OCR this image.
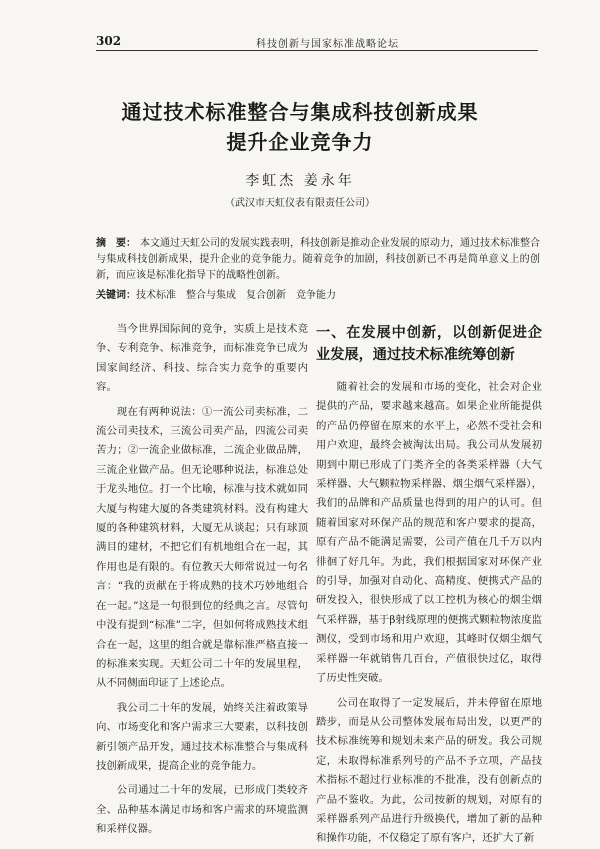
302	科技创新与国家标准战略论坛
通过技术标准整合与集成科技创新成果
提升企业竞争力
李虹杰 姜永年
（武汉市天虹仪表有限责任公司）
摘　要： 本文通过天虹公司的发展实践表明，科技创新是推动企业发展的原动力，通过技术标准整合与集成科技创新成果，提升企业的竞争能力。随着竞争的加剧，科技创新已不再是简单意义上的创新，而应该是标准化指导下的战略性创新。
关键词：技术标准　整合与集成　复合创新　竞争能力

当今世界国际间的竞争，实质上是技术竞争、专利竞争、标准竞争，而标准竞争已成为国家间经济、科技、综合实力竞争的重要内容。

现在有两种说法：①一流公司卖标准，二流公司卖技术，三流公司卖产品，四流公司卖苦力；②一流企业做标准，二流企业做品牌，三流企业做产品。但无论哪种说法，标准总处于龙头地位。打一个比喻，标准与技术就如同大厦与构建大厦的各类建筑材料。没有构建大厦的各种建筑材料，大厦无从谈起；只有球顶满目的建材，不把它们有机地组合在一起，其作用也是有限的。有位教天大师常说过一句名言：“我的贡献在于将成熟的技术巧妙地组合在一起。”这是一句很到位的经典之言。尽管句中没有提到“标准”二字，但如何将成熟技术组合在一起，这里的组合就是靠标准严格直接一的标准来实现。天虹公司二十年的发展里程，从不同侧面印证了上述论点。

我公司二十年的发展，始终关注着政策导向、市场变化和客户需求三大要素，以科技创新引领产品开发，通过技术标准整合与集成科技创新成果，提高企业的竞争能力。

公司通过二十年的发展，已形成门类较齐全、品种基本满足市场和客户需求的环境监测和采样仪器。

一、在发展中创新，以创新促进企业发展，通过技术标准统筹创新

随着社会的发展和市场的变化，社会对企业提供的产品，要求越来越高。如果企业所能提供的产品仍停留在原来的水平上，必然不受社会和用户欢迎，最终会被淘汰出局。我公司从发展初期到中期已形成了门类齐全的各类采样器（大气采样器、大气颗粒物采样器、烟尘烟气采样器），我们的品牌和产品质量也得到的用户的认可。但随着国家对环保产品的规范和客户要求的提高，原有产品不能满足需要，公司产值在几千万以内徘徊了好几年。为此，我们根据国家对环保产业的引导，加强对自动化、高精度、便携式产品的研发投入，很快形成了以工控机为核心的烟尘烟气采样器，基于β射线原理的便携式颗粒物浓度监测仪，受到市场和用户欢迎，其峰时仅烟尘烟气采样器一年就销售几百台，产值很快过亿，取得了历史性突破。

公司在取得了一定发展后，并未停留在原地踏步，而是从公司整体发展布局出发，以更严的技术标准统筹和规划未来产品的研发。我公司规定，未取得标准系列号的产品不予立项，产品技术指标不超过行业标准的不批准，没有创新点的产品不鉴收。为此，公司按新的规划，对原有的采样器系列产品进行升级换代，增加了新的品种和操作功能，不仅稳定了原有客户，还扩大了新
